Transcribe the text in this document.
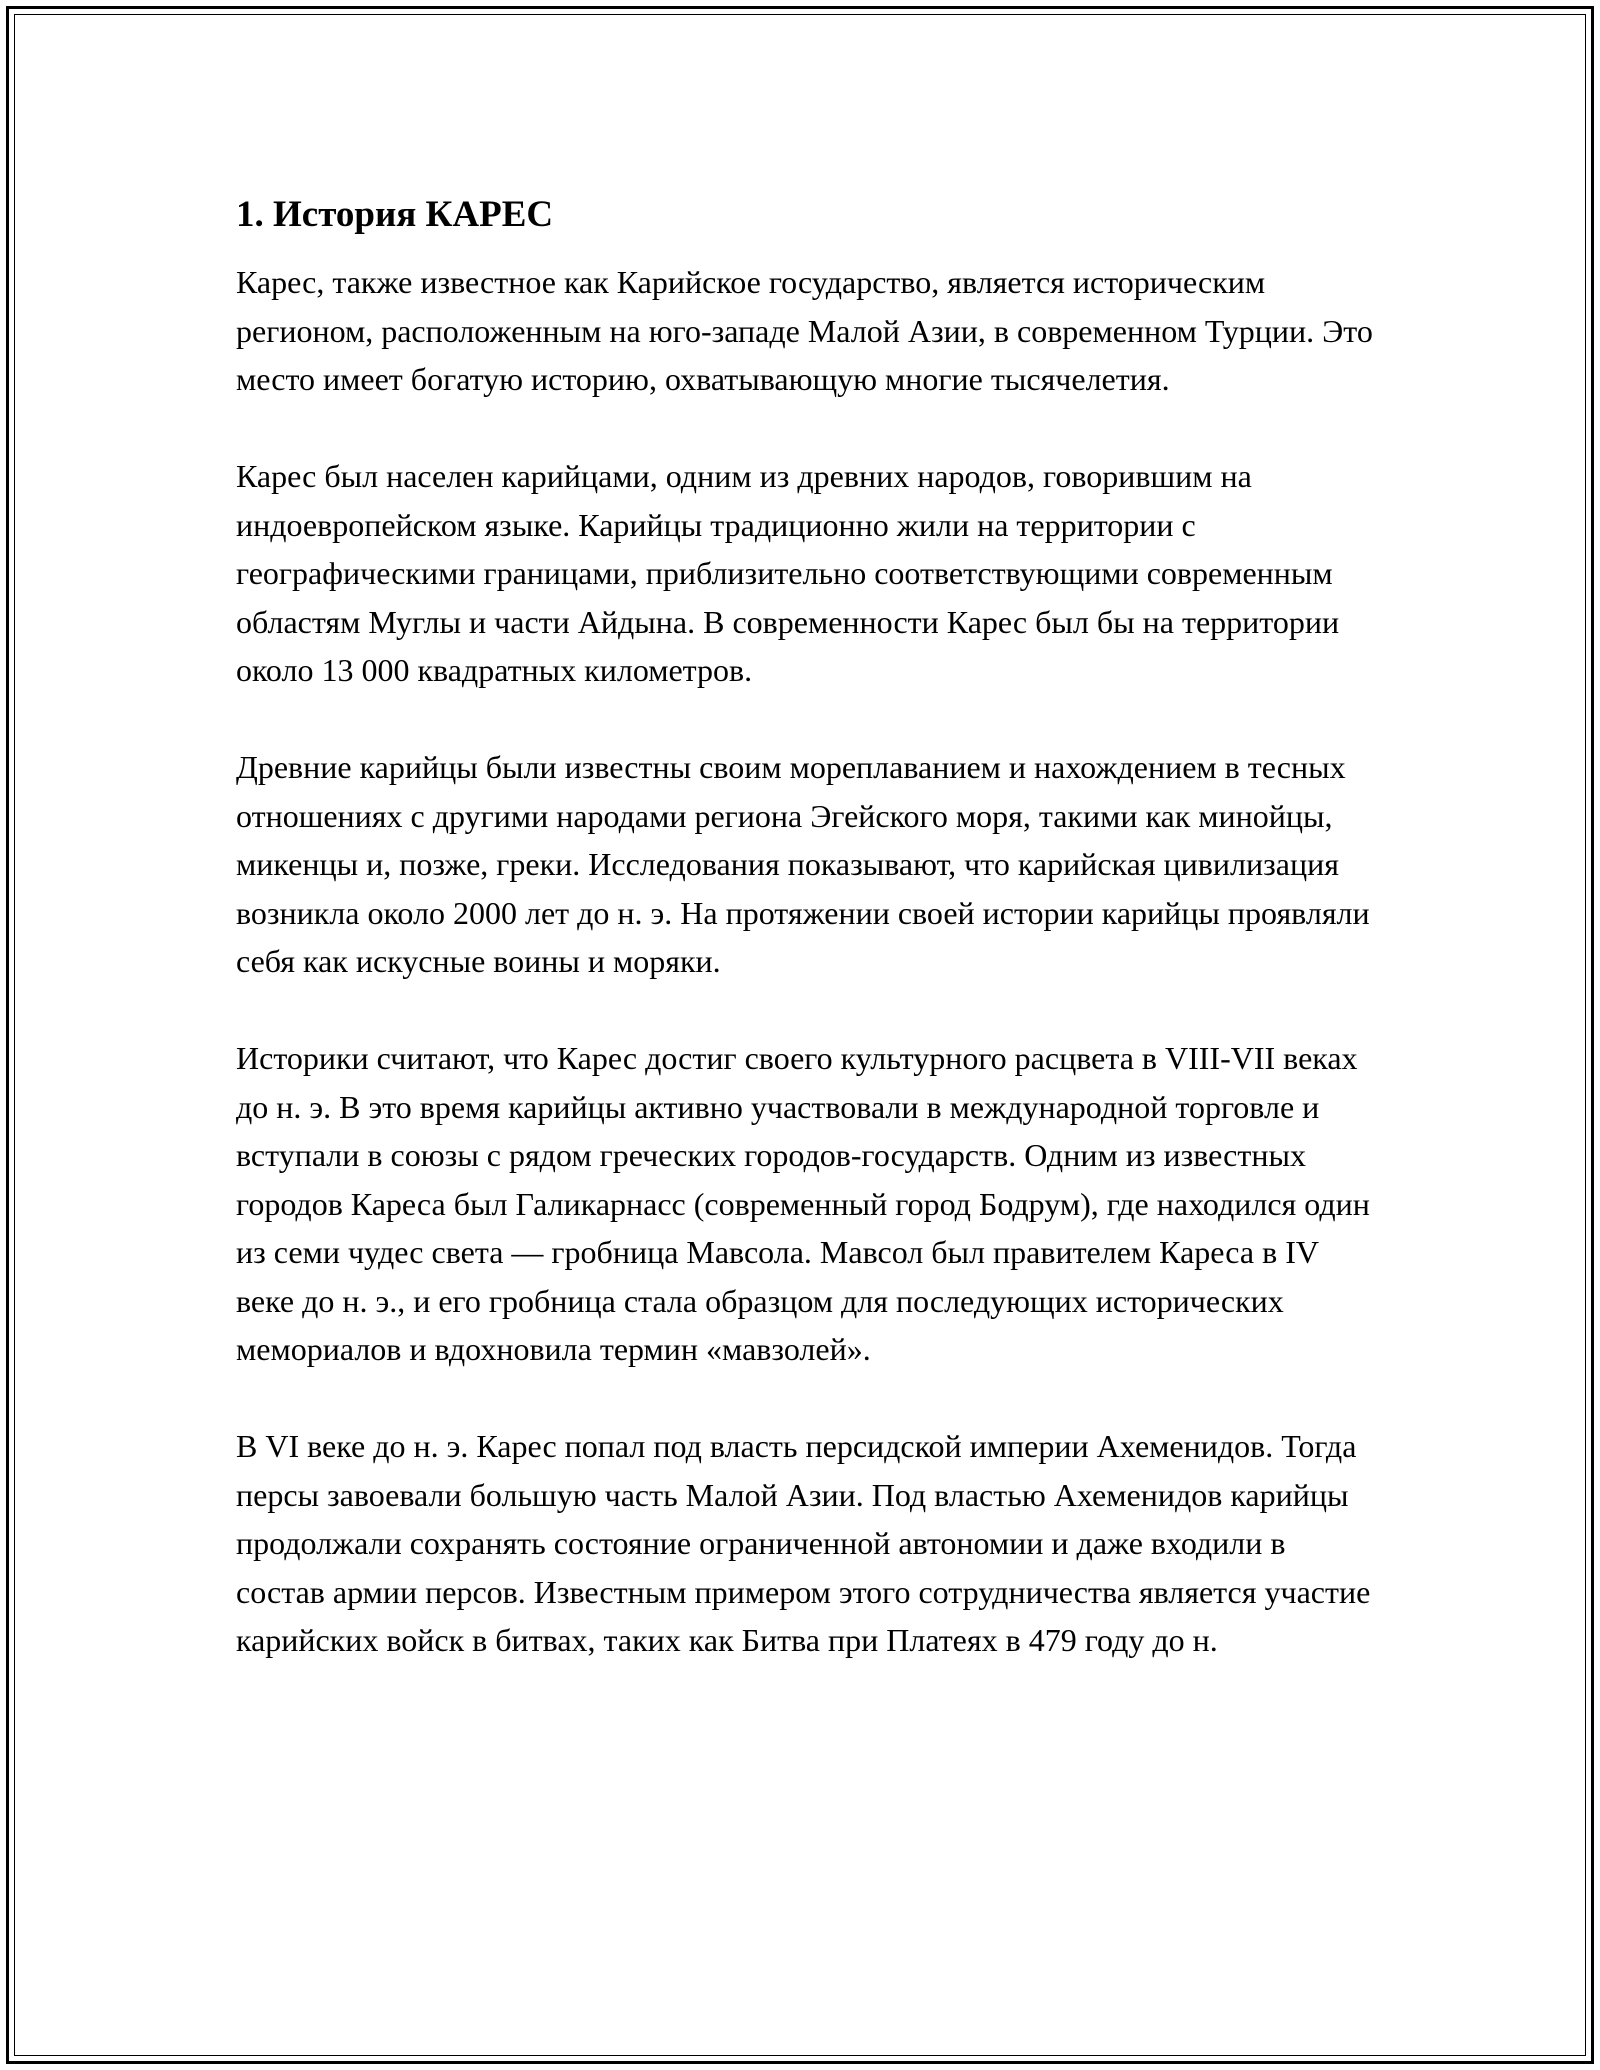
1. История КАРЕС

Карес, также известное как Карийское государство, является историческим регионом, расположенным на юго-западе Малой Азии, в современном Турции. Это место имеет богатую историю, охватывающую многие тысячелетия.

Карес был населен карийцами, одним из древних народов, говорившим на индоевропейском языке. Карийцы традиционно жили на территории с географическими границами, приблизительно соответствующими современным областям Муглы и части Айдына. В современности Карес был бы на территории около 13 000 квадратных километров.

Древние карийцы были известны своим мореплаванием и нахождением в тесных отношениях с другими народами региона Эгейского моря, такими как минойцы, микенцы и, позже, греки. Исследования показывают, что карийская цивилизация возникла около 2000 лет до н. э. На протяжении своей истории карийцы проявляли себя как искусные воины и моряки.

Историки считают, что Карес достиг своего культурного расцвета в VIII-VII веках до н. э. В это время карийцы активно участвовали в международной торговле и вступали в союзы с рядом греческих городов-государств. Одним из известных городов Кареса был Галикарнасс (современный город Бодрум), где находился один из семи чудес света — гробница Мавсола. Мавсол был правителем Кареса в IV веке до н. э., и его гробница стала образцом для последующих исторических мемориалов и вдохновила термин «мавзолей».

В VI веке до н. э. Карес попал под власть персидской империи Ахеменидов. Тогда персы завоевали большую часть Малой Азии. Под властью Ахеменидов карийцы продолжали сохранять состояние ограниченной автономии и даже входили в состав армии персов. Известным примером этого сотрудничества является участие карийских войск в битвах, таких как Битва при Платеях в 479 году до н.
